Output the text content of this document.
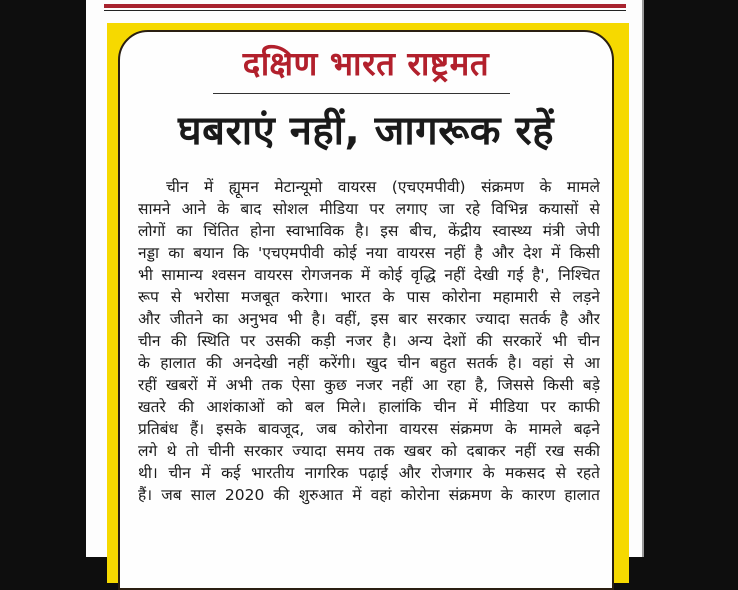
दक्षिण भारत राष्ट्रमत
घबराएं नहीं, जागरूक रहें
चीन में ह्यूमन मेटान्यूमो वायरस (एचएमपीवी) संक्रमण के मामले
सामने आने के बाद सोशल मीडिया पर लगाए जा रहे विभिन्न कयासों से
लोगों का चिंतित होना स्वाभाविक है। इस बीच, केंद्रीय स्वास्थ्य मंत्री जेपी
नड्डा का बयान कि 'एचएमपीवी कोई नया वायरस नहीं है और देश में किसी
भी सामान्य श्वसन वायरस रोगजनक में कोई वृद्धि नहीं देखी गई है', निश्चित
रूप से भरोसा मजबूत करेगा। भारत के पास कोरोना महामारी से लड़ने
और जीतने का अनुभव भी है। वहीं, इस बार सरकार ज्यादा सतर्क है और
चीन की स्थिति पर उसकी कड़ी नजर है। अन्य देशों की सरकारें भी चीन
के हालात की अनदेखी नहीं करेंगी। खुद चीन बहुत सतर्क है। वहां से आ
रहीं खबरों में अभी तक ऐसा कुछ नजर नहीं आ रहा है, जिससे किसी बड़े
खतरे की आशंकाओं को बल मिले। हालांकि चीन में मीडिया पर काफी
प्रतिबंध हैं। इसके बावजूद, जब कोरोना वायरस संक्रमण के मामले बढ़ने
लगे थे तो चीनी सरकार ज्यादा समय तक खबर को दबाकर नहीं रख सकी
थी। चीन में कई भारतीय नागरिक पढ़ाई और रोजगार के मकसद से रहते
हैं। जब साल 2020 की शुरुआत में वहां कोरोना संक्रमण के कारण हालात
